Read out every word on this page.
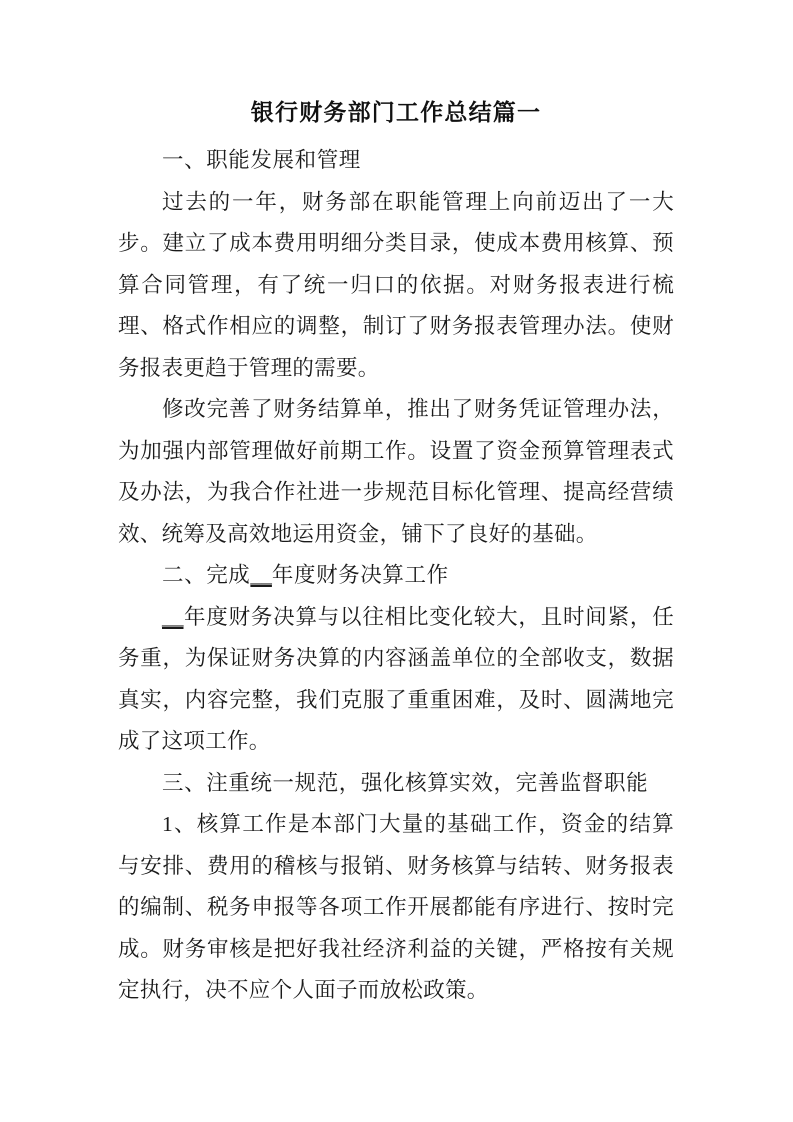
银行财务部门工作总结篇一

一、职能发展和管理

过去的一年，财务部在职能管理上向前迈出了一大步。建立了成本费用明细分类目录，使成本费用核算、预算合同管理，有了统一归口的依据。对财务报表进行梳理、格式作相应的调整，制订了财务报表管理办法。使财务报表更趋于管理的需要。

修改完善了财务结算单，推出了财务凭证管理办法，为加强内部管理做好前期工作。设置了资金预算管理表式及办法，为我合作社进一步规范目标化管理、提高经营绩效、统筹及高效地运用资金，铺下了良好的基础。

二、完成__年度财务决算工作

__年度财务决算与以往相比变化较大，且时间紧，任务重，为保证财务决算的内容涵盖单位的全部收支，数据真实，内容完整，我们克服了重重困难，及时、圆满地完成了这项工作。

三、注重统一规范，强化核算实效，完善监督职能

1、核算工作是本部门大量的基础工作，资金的结算与安排、费用的稽核与报销、财务核算与结转、财务报表的编制、税务申报等各项工作开展都能有序进行、按时完成。财务审核是把好我社经济利益的关键，严格按有关规定执行，决不应个人面子而放松政策。
